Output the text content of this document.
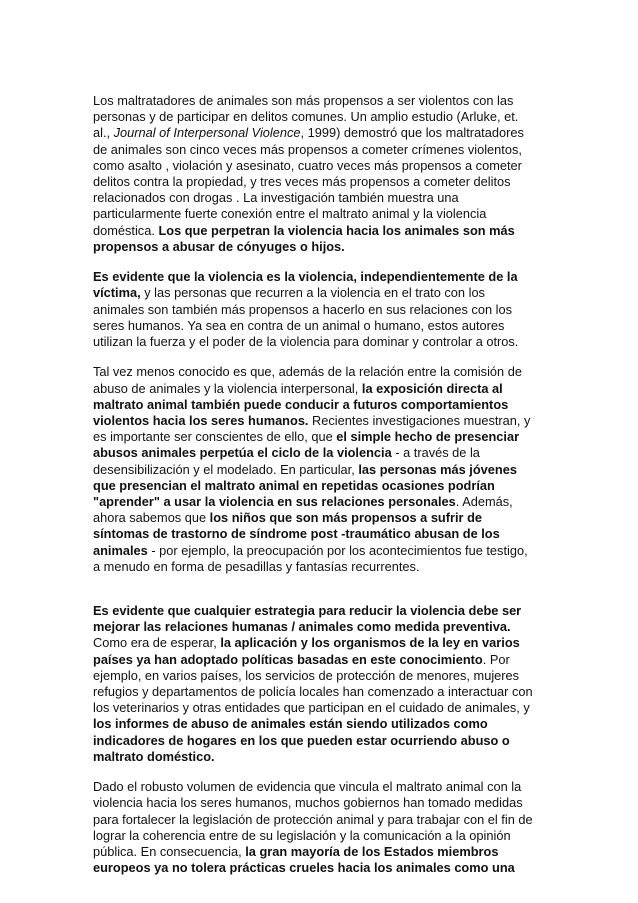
Los maltratadores de animales son más propensos a ser violentos con las
personas y de participar en delitos comunes. Un amplio estudio (Arluke, et.
al., Journal of Interpersonal Violence, 1999) demostró que los maltratadores
de animales son cinco veces más propensos a cometer crímenes violentos,
como asalto , violación y asesinato, cuatro veces más propensos a cometer
delitos contra la propiedad, y tres veces más propensos a cometer delitos
relacionados con drogas . La investigación también muestra una
particularmente fuerte conexión entre el maltrato animal y la violencia
doméstica. Los que perpetran la violencia hacia los animales son más
propensos a abusar de cónyuges o hijos.

Es evidente que la violencia es la violencia, independientemente de la
víctima, y las personas que recurren a la violencia en el trato con los
animales son también más propensos a hacerlo en sus relaciones con los
seres humanos. Ya sea en contra de un animal o humano, estos autores
utilizan la fuerza y el poder de la violencia para dominar y controlar a otros.

Tal vez menos conocido es que, además de la relación entre la comisión de
abuso de animales y la violencia interpersonal, la exposición directa al
maltrato animal también puede conducir a futuros comportamientos
violentos hacia los seres humanos. Recientes investigaciones muestran, y
es importante ser conscientes de ello, que el simple hecho de presenciar
abusos animales perpetúa el ciclo de la violencia - a través de la
desensibilización y el modelado. En particular, las personas más jóvenes
que presencian el maltrato animal en repetidas ocasiones podrían
"aprender" a usar la violencia en sus relaciones personales. Además,
ahora sabemos que los niños que son más propensos a sufrir de
síntomas de trastorno de síndrome post -traumático abusan de los
animales - por ejemplo, la preocupación por los acontecimientos fue testigo,
a menudo en forma de pesadillas y fantasías recurrentes.

Es evidente que cualquier estrategia para reducir la violencia debe ser
mejorar las relaciones humanas / animales como medida preventiva.
Como era de esperar, la aplicación y los organismos de la ley en varios
países ya han adoptado políticas basadas en este conocimiento. Por
ejemplo, en varios países, los servicios de protección de menores, mujeres
refugios y departamentos de policía locales han comenzado a interactuar con
los veterinarios y otras entidades que participan en el cuidado de animales, y
los informes de abuso de animales están siendo utilizados como
indicadores de hogares en los que pueden estar ocurriendo abuso o
maltrato doméstico.

Dado el robusto volumen de evidencia que vincula el maltrato animal con la
violencia hacia los seres humanos, muchos gobiernos han tomado medidas
para fortalecer la legislación de protección animal y para trabajar con el fin de
lograr la coherencia entre de su legislación y la comunicación a la opinión
pública. En consecuencia, la gran mayoría de los Estados miembros
europeos ya no tolera prácticas crueles hacia los animales como una
